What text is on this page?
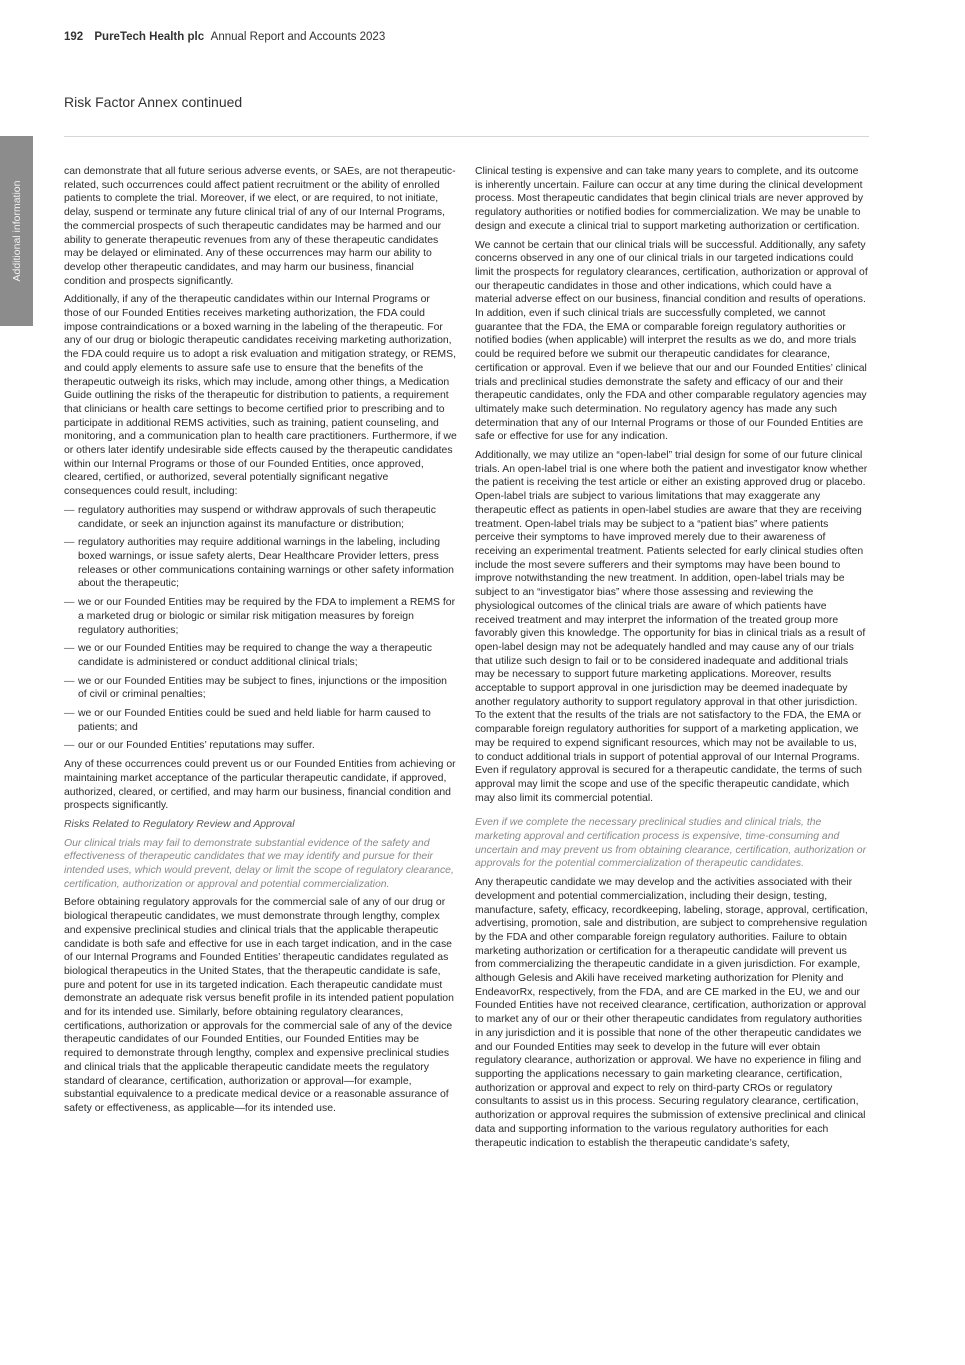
192 PureTech Health plc Annual Report and Accounts 2023
Risk Factor Annex continued
Additional information

can demonstrate that all future serious adverse events, or SAEs, are not therapeutic-related, such occurrences could affect patient recruitment or the ability of enrolled patients to complete the trial. Moreover, if we elect, or are required, to not initiate, delay, suspend or terminate any future clinical trial of any of our Internal Programs, the commercial prospects of such therapeutic candidates may be harmed and our ability to generate therapeutic revenues from any of these therapeutic candidates may be delayed or eliminated. Any of these occurrences may harm our ability to develop other therapeutic candidates, and may harm our business, financial condition and prospects significantly.

Additionally, if any of the therapeutic candidates within our Internal Programs or those of our Founded Entities receives marketing authorization, the FDA could impose contraindications or a boxed warning in the labeling of the therapeutic. For any of our drug or biologic therapeutic candidates receiving marketing authorization, the FDA could require us to adopt a risk evaluation and mitigation strategy, or REMS, and could apply elements to assure safe use to ensure that the benefits of the therapeutic outweigh its risks, which may include, among other things, a Medication Guide outlining the risks of the therapeutic for distribution to patients, a requirement that clinicians or health care settings to become certified prior to prescribing and to participate in additional REMS activities, such as training, patient counseling, and monitoring, and a communication plan to health care practitioners. Furthermore, if we or others later identify undesirable side effects caused by the therapeutic candidates within our Internal Programs or those of our Founded Entities, once approved, cleared, certified, or authorized, several potentially significant negative consequences could result, including:

— regulatory authorities may suspend or withdraw approvals of such therapeutic candidate, or seek an injunction against its manufacture or distribution;
— regulatory authorities may require additional warnings in the labeling, including boxed warnings, or issue safety alerts, Dear Healthcare Provider letters, press releases or other communications containing warnings or other safety information about the therapeutic;
— we or our Founded Entities may be required by the FDA to implement a REMS for a marketed drug or biologic or similar risk mitigation measures by foreign regulatory authorities;
— we or our Founded Entities may be required to change the way a therapeutic candidate is administered or conduct additional clinical trials;
— we or our Founded Entities may be subject to fines, injunctions or the imposition of civil or criminal penalties;
— we or our Founded Entities could be sued and held liable for harm caused to patients; and
— our or our Founded Entities’ reputations may suffer.

Any of these occurrences could prevent us or our Founded Entities from achieving or maintaining market acceptance of the particular therapeutic candidate, if approved, authorized, cleared, or certified, and may harm our business, financial condition and prospects significantly.

Risks Related to Regulatory Review and Approval

Our clinical trials may fail to demonstrate substantial evidence of the safety and effectiveness of therapeutic candidates that we may identify and pursue for their intended uses, which would prevent, delay or limit the scope of regulatory clearance, certification, authorization or approval and potential commercialization.

Before obtaining regulatory approvals for the commercial sale of any of our drug or biological therapeutic candidates, we must demonstrate through lengthy, complex and expensive preclinical studies and clinical trials that the applicable therapeutic candidate is both safe and effective for use in each target indication, and in the case of our Internal Programs and Founded Entities’ therapeutic candidates regulated as biological therapeutics in the United States, that the therapeutic candidate is safe, pure and potent for use in its targeted indication. Each therapeutic candidate must demonstrate an adequate risk versus benefit profile in its intended patient population and for its intended use. Similarly, before obtaining regulatory clearances, certifications, authorization or approvals for the commercial sale of any of the device therapeutic candidates of our Founded Entities, our Founded Entities may be required to demonstrate through lengthy, complex and expensive preclinical studies and clinical trials that the applicable therapeutic candidate meets the regulatory standard of clearance, certification, authorization or approval—for example, substantial equivalence to a predicate medical device or a reasonable assurance of safety or effectiveness, as applicable—for its intended use.

Clinical testing is expensive and can take many years to complete, and its outcome is inherently uncertain. Failure can occur at any time during the clinical development process. Most therapeutic candidates that begin clinical trials are never approved by regulatory authorities or notified bodies for commercialization. We may be unable to design and execute a clinical trial to support marketing authorization or certification.

We cannot be certain that our clinical trials will be successful. Additionally, any safety concerns observed in any one of our clinical trials in our targeted indications could limit the prospects for regulatory clearances, certification, authorization or approval of our therapeutic candidates in those and other indications, which could have a material adverse effect on our business, financial condition and results of operations. In addition, even if such clinical trials are successfully completed, we cannot guarantee that the FDA, the EMA or comparable foreign regulatory authorities or notified bodies (when applicable) will interpret the results as we do, and more trials could be required before we submit our therapeutic candidates for clearance, certification or approval. Even if we believe that our and our Founded Entities’ clinical trials and preclinical studies demonstrate the safety and efficacy of our and their therapeutic candidates, only the FDA and other comparable regulatory agencies may ultimately make such determination. No regulatory agency has made any such determination that any of our Internal Programs or those of our Founded Entities are safe or effective for use for any indication.

Additionally, we may utilize an “open-label” trial design for some of our future clinical trials. An open-label trial is one where both the patient and investigator know whether the patient is receiving the test article or either an existing approved drug or placebo. Open-label trials are subject to various limitations that may exaggerate any therapeutic effect as patients in open-label studies are aware that they are receiving treatment. Open-label trials may be subject to a “patient bias” where patients perceive their symptoms to have improved merely due to their awareness of receiving an experimental treatment. Patients selected for early clinical studies often include the most severe sufferers and their symptoms may have been bound to improve notwithstanding the new treatment. In addition, open-label trials may be subject to an “investigator bias” where those assessing and reviewing the physiological outcomes of the clinical trials are aware of which patients have received treatment and may interpret the information of the treated group more favorably given this knowledge. The opportunity for bias in clinical trials as a result of open-label design may not be adequately handled and may cause any of our trials that utilize such design to fail or to be considered inadequate and additional trials may be necessary to support future marketing applications. Moreover, results acceptable to support approval in one jurisdiction may be deemed inadequate by another regulatory authority to support regulatory approval in that other jurisdiction. To the extent that the results of the trials are not satisfactory to the FDA, the EMA or comparable foreign regulatory authorities for support of a marketing application, we may be required to expend significant resources, which may not be available to us, to conduct additional trials in support of potential approval of our Internal Programs. Even if regulatory approval is secured for a therapeutic candidate, the terms of such approval may limit the scope and use of the specific therapeutic candidate, which may also limit its commercial potential.

Even if we complete the necessary preclinical studies and clinical trials, the marketing approval and certification process is expensive, time-consuming and uncertain and may prevent us from obtaining clearance, certification, authorization or approvals for the potential commercialization of therapeutic candidates.

Any therapeutic candidate we may develop and the activities associated with their development and potential commercialization, including their design, testing, manufacture, safety, efficacy, recordkeeping, labeling, storage, approval, certification, advertising, promotion, sale and distribution, are subject to comprehensive regulation by the FDA and other comparable foreign regulatory authorities. Failure to obtain marketing authorization or certification for a therapeutic candidate will prevent us from commercializing the therapeutic candidate in a given jurisdiction. For example, although Gelesis and Akili have received marketing authorization for Plenity and EndeavorRx, respectively, from the FDA, and are CE marked in the EU, we and our Founded Entities have not received clearance, certification, authorization or approval to market any of our or their other therapeutic candidates from regulatory authorities in any jurisdiction and it is possible that none of the other therapeutic candidates we and our Founded Entities may seek to develop in the future will ever obtain regulatory clearance, authorization or approval. We have no experience in filing and supporting the applications necessary to gain marketing clearance, certification, authorization or approval and expect to rely on third-party CROs or regulatory consultants to assist us in this process. Securing regulatory clearance, certification, authorization or approval requires the submission of extensive preclinical and clinical data and supporting information to the various regulatory authorities for each therapeutic indication to establish the therapeutic candidate’s safety,
